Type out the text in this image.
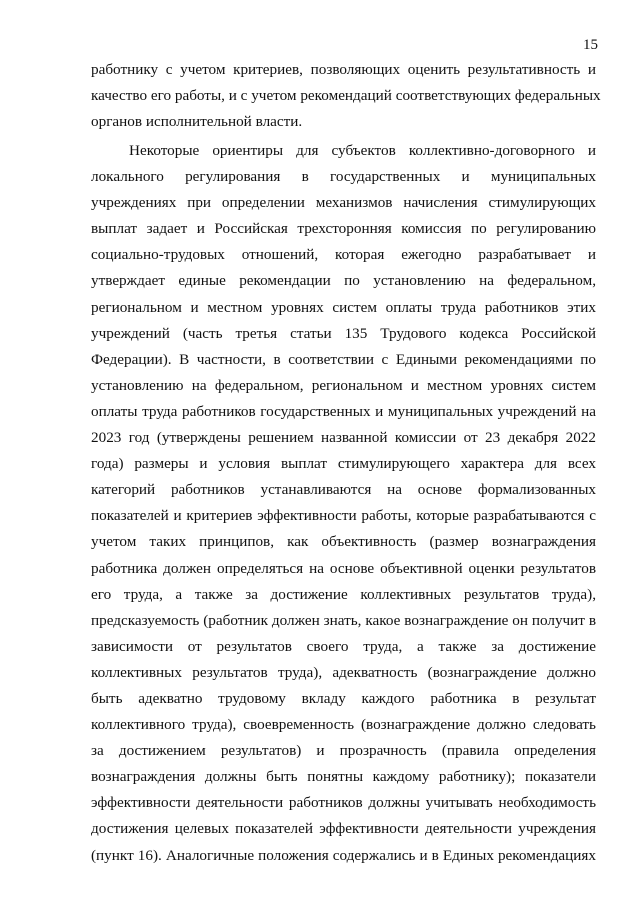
15
работнику с учетом критериев, позволяющих оценить результативность и
качество его работы, и с учетом рекомендаций соответствующих федеральных
органов исполнительной власти.
Некоторые ориентиры для субъектов коллективно-договорного и
локального регулирования в государственных и муниципальных
учреждениях при определении механизмов начисления стимулирующих
выплат задает и Российская трехсторонняя комиссия по регулированию
социально-трудовых отношений, которая ежегодно разрабатывает и
утверждает единые рекомендации по установлению на федеральном,
региональном и местном уровнях систем оплаты труда работников этих
учреждений (часть третья статьи 135 Трудового кодекса Российской
Федерации). В частности, в соответствии с Едиными рекомендациями по
установлению на федеральном, региональном и местном уровнях систем
оплаты труда работников государственных и муниципальных учреждений на
2023 год (утверждены решением названной комиссии от 23 декабря 2022
года) размеры и условия выплат стимулирующего характера для всех
категорий работников устанавливаются на основе формализованных
показателей и критериев эффективности работы, которые разрабатываются с
учетом таких принципов, как объективность (размер вознаграждения
работника должен определяться на основе объективной оценки результатов
его труда, а также за достижение коллективных результатов труда),
предсказуемость (работник должен знать, какое вознаграждение он получит в
зависимости от результатов своего труда, а также за достижение
коллективных результатов труда), адекватность (вознаграждение должно
быть адекватно трудовому вкладу каждого работника в результат
коллективного труда), своевременность (вознаграждение должно следовать
за достижением результатов) и прозрачность (правила определения
вознаграждения должны быть понятны каждому работнику); показатели
эффективности деятельности работников должны учитывать необходимость
достижения целевых показателей эффективности деятельности учреждения
(пункт 16). Аналогичные положения содержались и в Единых рекомендациях
